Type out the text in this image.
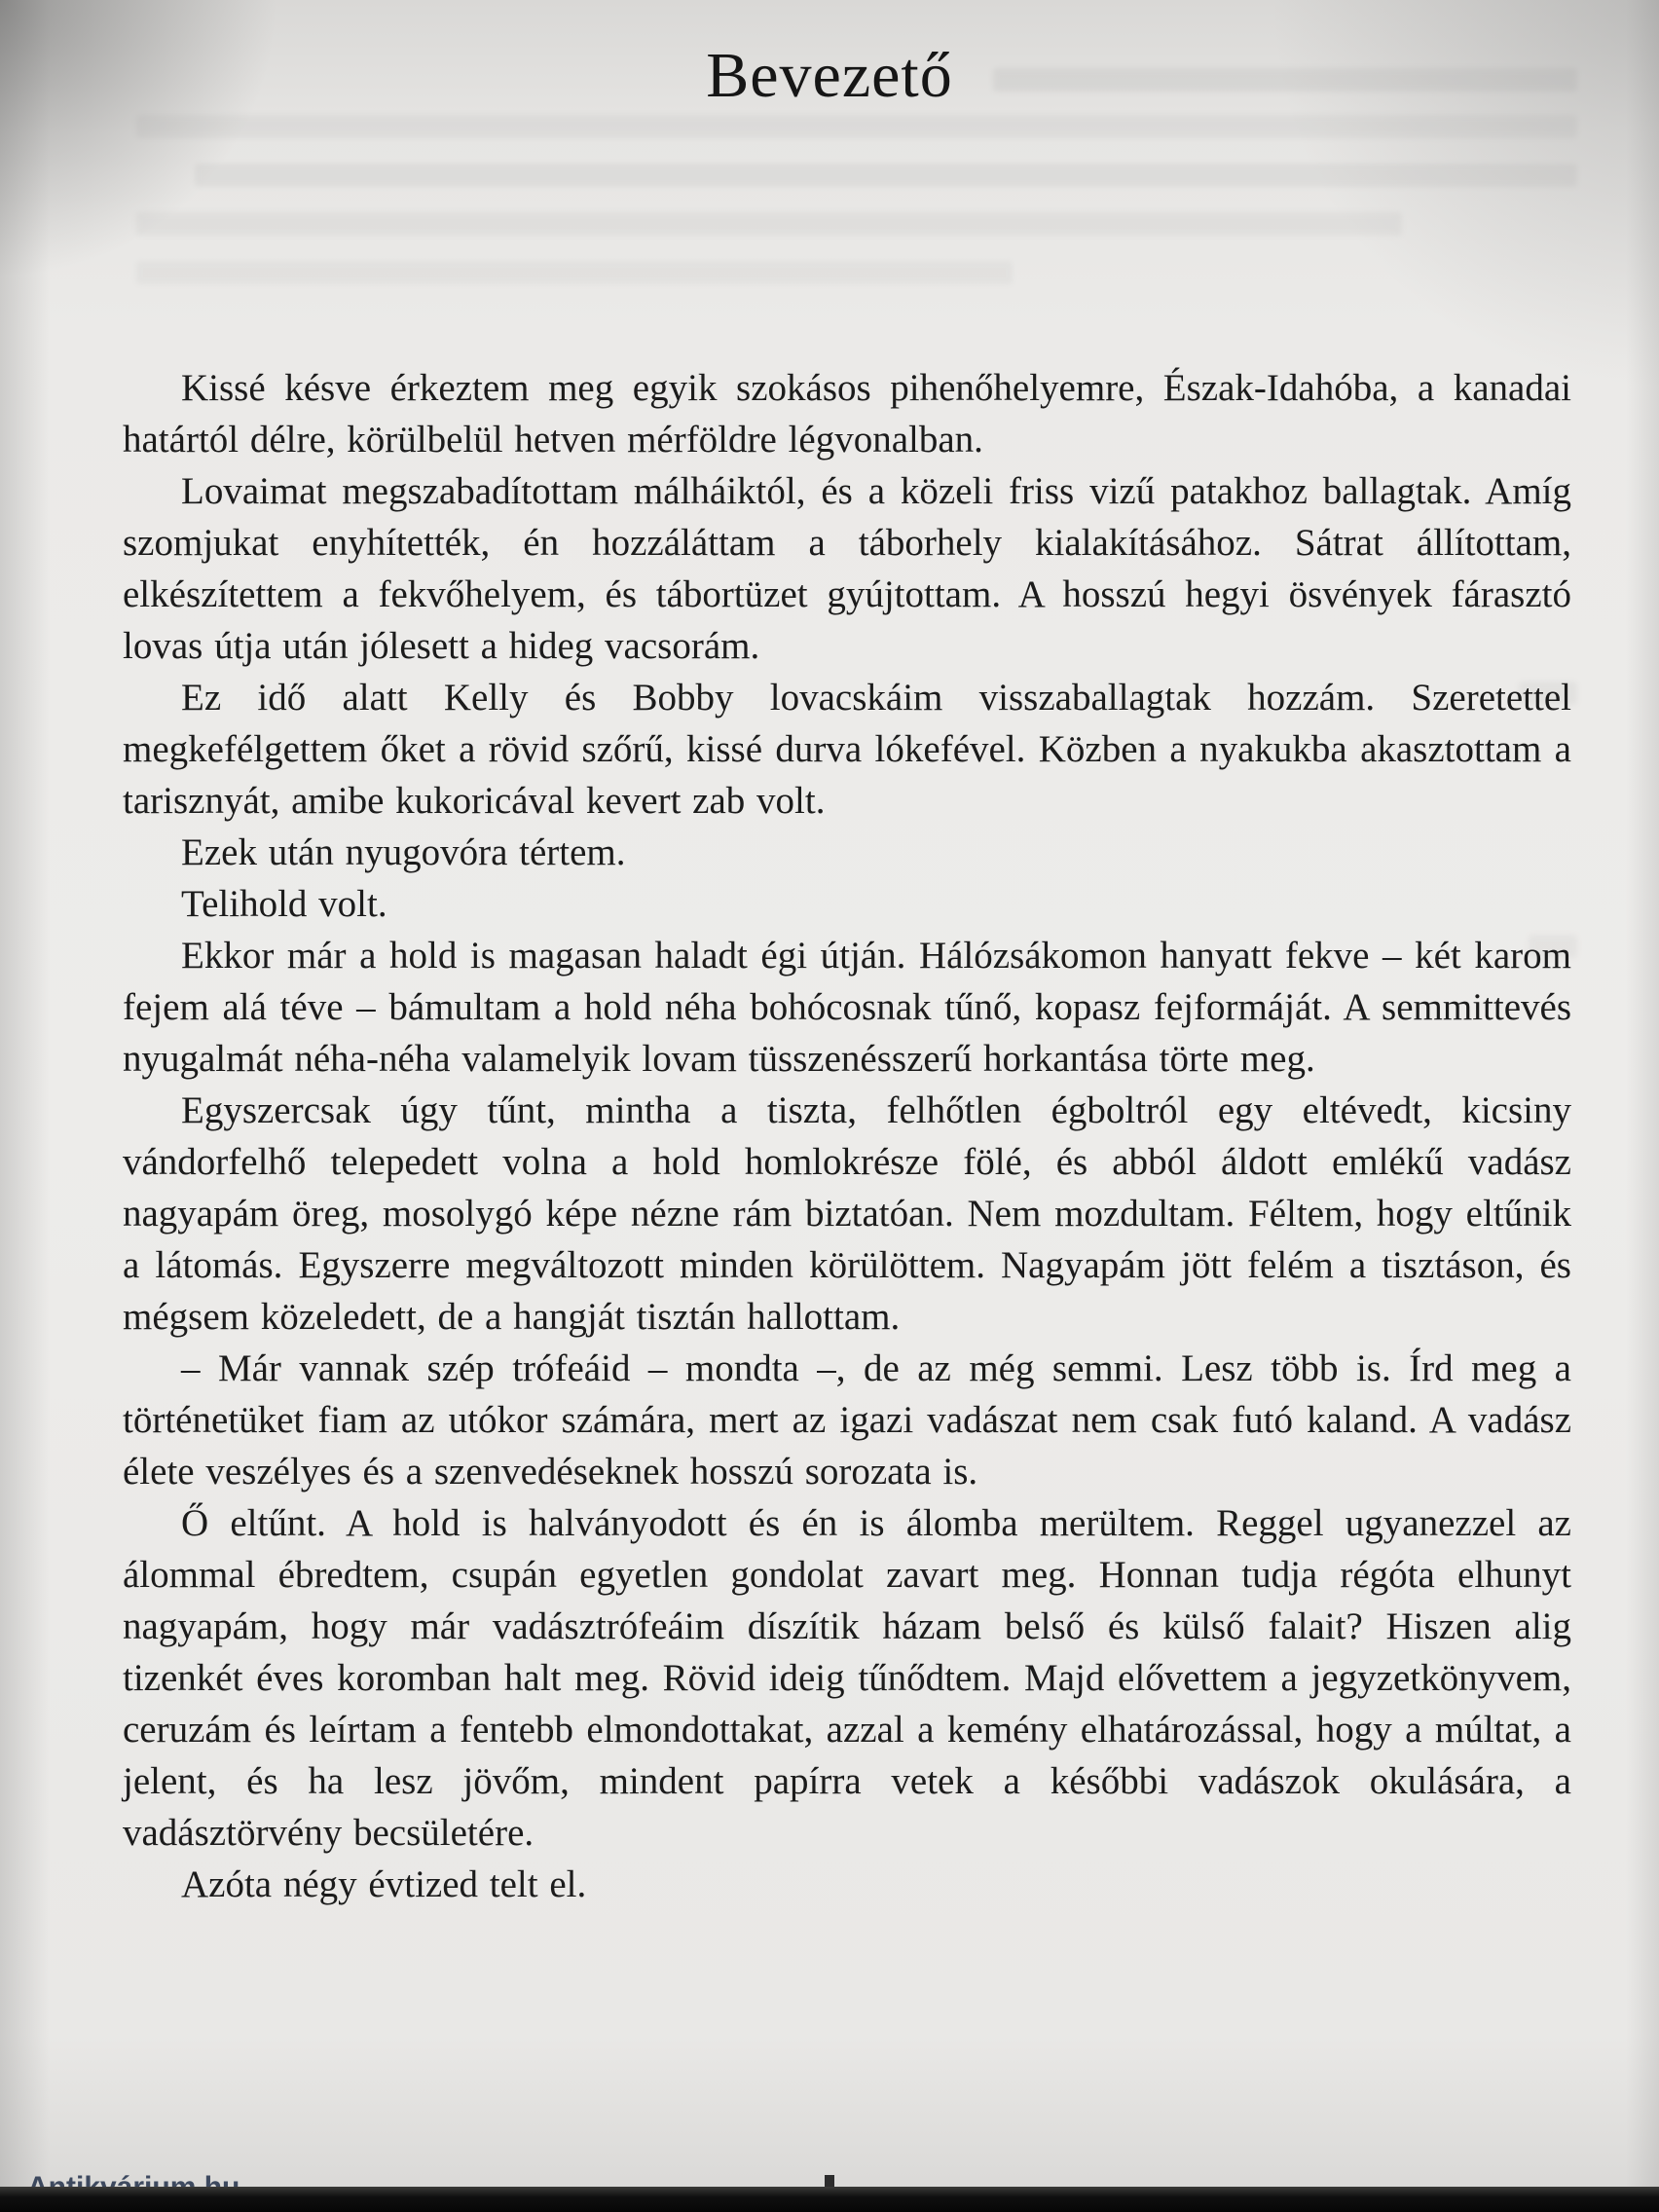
Bevezető

Kissé késve érkeztem meg egyik szokásos pihenőhelyemre, Észak-Idahóba, a kanadai határtól délre, körülbelül hetven mérföldre légvonalban.

Lovaimat megszabadítottam málháiktól, és a közeli friss vizű patakhoz ballagtak. Amíg szomjukat enyhítették, én hozzáláttam a táborhely kialakításához. Sátrat állítottam, elkészítettem a fekvőhelyem, és tábortüzet gyújtottam. A hosszú hegyi ösvények fárasztó lovas útja után jólesett a hideg vacsorám.

Ez idő alatt Kelly és Bobby lovacskáim visszaballagtak hozzám. Szeretettel megkefélgettem őket a rövid szőrű, kissé durva lókefével. Közben a nyakukba akasztottam a tarisznyát, amibe kukoricával kevert zab volt.

Ezek után nyugovóra tértem.

Telihold volt.

Ekkor már a hold is magasan haladt égi útján. Hálózsákomon hanyatt fekve – két karom fejem alá téve – bámultam a hold néha bohócosnak tűnő, kopasz fejformáját. A semmittevés nyugalmát néha-néha valamelyik lovam tüsszenésszerű horkantása törte meg.

Egyszercsak úgy tűnt, mintha a tiszta, felhőtlen égboltról egy eltévedt, kicsiny vándorfelhő telepedett volna a hold homlokrésze fölé, és abból áldott emlékű vadász nagyapám öreg, mosolygó képe nézne rám biztatóan. Nem mozdultam. Féltem, hogy eltűnik a látomás. Egyszerre megváltozott minden körülöttem. Nagyapám jött felém a tisztáson, és mégsem közeledett, de a hangját tisztán hallottam.

– Már vannak szép trófeáid – mondta –, de az még semmi. Lesz több is. Írd meg a történetüket fiam az utókor számára, mert az igazi vadászat nem csak futó kaland. A vadász élete veszélyes és a szenvedéseknek hosszú sorozata is.

Ő eltűnt. A hold is halványodott és én is álomba merültem. Reggel ugyanezzel az álommal ébredtem, csupán egyetlen gondolat zavart meg. Honnan tudja régóta elhunyt nagyapám, hogy már vadásztrófeáim díszítik házam belső és külső falait? Hiszen alig tizenkét éves koromban halt meg. Rövid ideig tűnődtem. Majd elővettem a jegyzetkönyvem, ceruzám és leírtam a fentebb elmondottakat, azzal a kemény elhatározással, hogy a múltat, a jelent, és ha lesz jövőm, mindent papírra vetek a későbbi vadászok okulására, a vadásztörvény becsületére.

Azóta négy évtized telt el.
